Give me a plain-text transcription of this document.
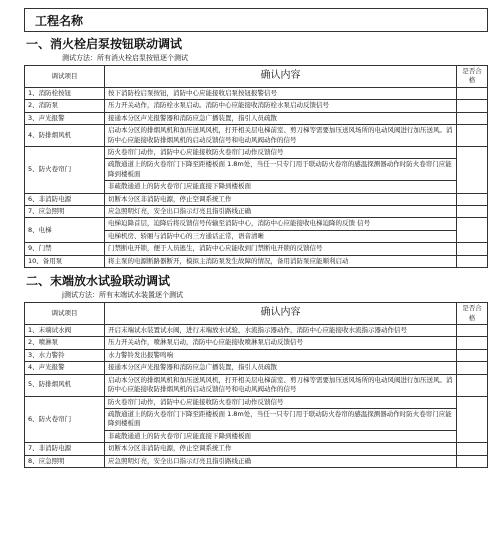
工程名称
一、消火栓启泵按钮联动调试
测试方法：所有消火栓启泵按钮逐个测试
调试项目	确认内容	是否合格
1、消防栓按钮	按下消防栓启泵按钮，消防中心应能接收启泵按钮报警信号	
2、消防泵	压力开关动作，消防栓水泵启动。消防中心应能接收消防栓水泵启动反馈信号	
3、声光报警	接通本分区声光报警器和消防应急广播装置，指引人员疏散	
4、防排烟风机	启动本分区的排烟风机和加压送风风机，打开相关层电梯前室、剪刀梯等需要加压送风场所的电动风阀进行加压送风。消防中心应能接收防排烟风机的启动反馈信号和电动风阀动作的信号	
5、防火卷帘门	防火卷帘门动作，消防中心应能接收防火卷帘门动作反馈信号
疏散通道上的防火卷帘门下降至距楼板面 1.8m处，当任一只专门用于联动防火卷帘的感温探测器动作时防火卷帘门应能降到楼板面
非疏散通道上的防火卷帘门应能直接下降到楼板面	

6、非消防电源	切断本分区非消防电源，停止空调系统工作	
7、应急照明	应急照明灯亮，安全出口指示灯亮且指引路线正确	
8、电梯	电梯迫降首层，迫降后将反馈信号传输至消防中心，消防中心应能接收电梯迫降的反馈 信号
电梯机房、轿厢与消防中心的三方通话正常，语音清晰	

9、门禁	门禁断电开锁，便于人员逃生，消防中心应能收到门禁断电开锁的反馈信号	
10、备用泵	将主泵的电源断路器断开，模拟主消防泵发生故障的情况，备用消防泵应能顺利启动	
二、末端放水试验联动调试
j测试方法：所有末端试水装置逐个测试
调试项目	确认内容	是否合格
1、末端试水阀	开启末端试水装置试水阀，进行末端放水试验，水流指示器动作，消防中心应能接收水流指示器动作信号	
2、喷淋泵	压力开关动作，喷淋泵启动，消防中心应能接收喷淋泵启动反馈信号	
3、水力警铃	水力警铃发出报警鸣响	
4、声光报警	接通本分区声光报警器和消防应急广播装置，指引人员疏散	
5、防排烟风机	启动本分区的排烟风机和加压送风风机，打开相关层电梯前室、剪刀梯等需要加压送风场所的电动风阀进行加压送风。消防中心应能接收防排烟风机的启动反馈信号和电动风阀动作的信号	
6、防火卷帘门	防火卷帘门动作，消防中心应能接收防火卷帘门动作反馈信号
疏散通道上的防火卷帘门下降至距楼板面 1.8m处，当任一只专门用于联动防火卷帘的感温探测器动作时防火卷帘门应能降到楼板面
非疏散通道上的防火卷帘门应能直接下降到楼板面	

7、非消防电源	切断本分区非消防电源，停止空调系统工作	
8、应急照明	应急照明灯亮，安全出口指示灯亮且指引路线正确	
